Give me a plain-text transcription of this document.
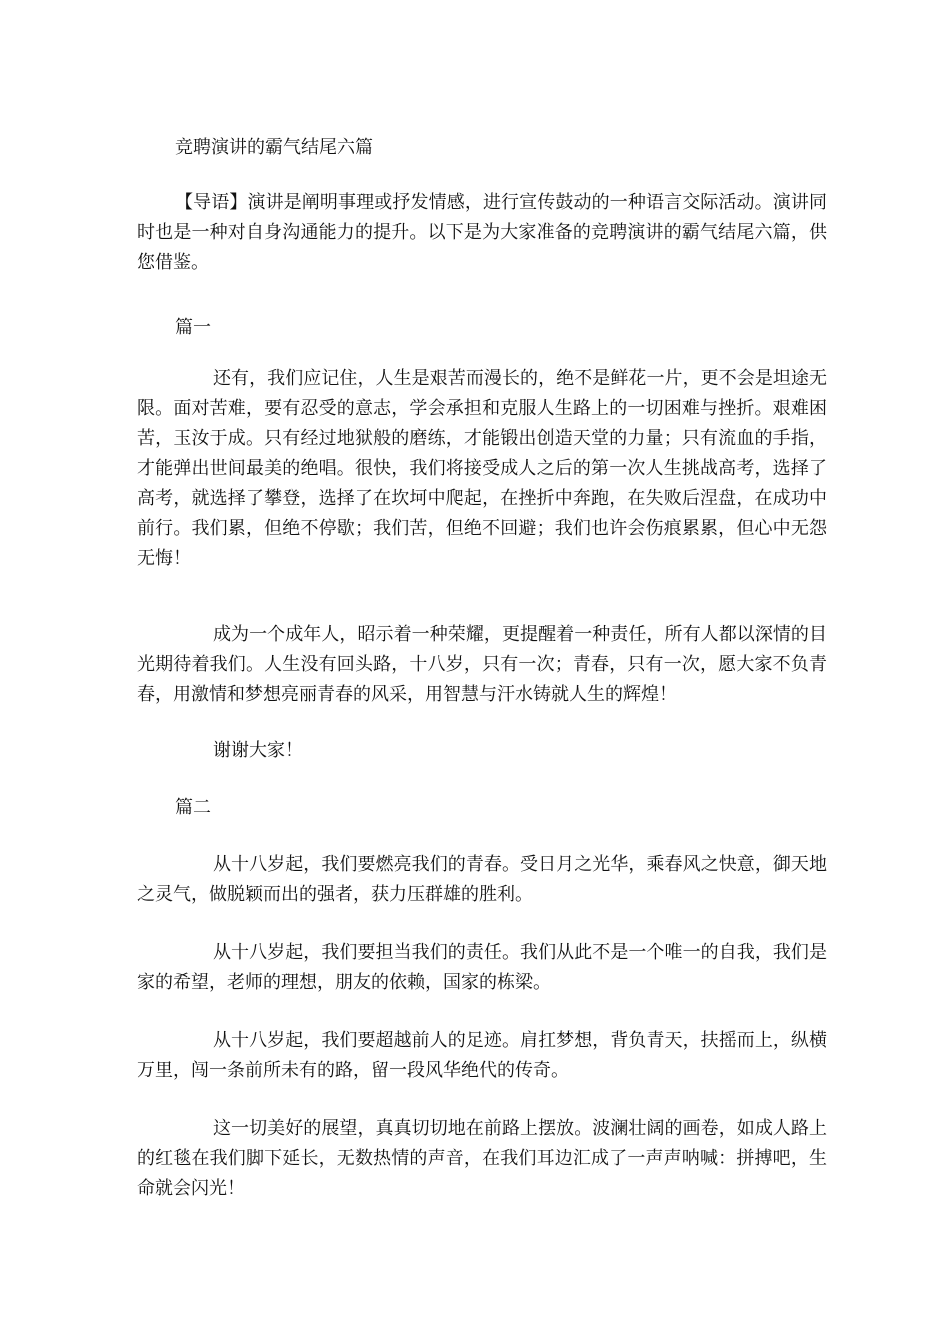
竞聘演讲的霸气结尾六篇

【导语】演讲是阐明事理或抒发情感，进行宣传鼓动的一种语言交际活动。演讲同时也是一种对自身沟通能力的提升。以下是为大家准备的竞聘演讲的霸气结尾六篇，供您借鉴。

篇一

还有，我们应记住，人生是艰苦而漫长的，绝不是鲜花一片，更不会是坦途无限。面对苦难，要有忍受的意志，学会承担和克服人生路上的一切困难与挫折。艰难困苦，玉汝于成。只有经过地狱般的磨练，才能锻出创造天堂的力量；只有流血的手指，才能弹出世间最美的绝唱。很快，我们将接受成人之后的第一次人生挑战高考，选择了高考，就选择了攀登，选择了在坎坷中爬起，在挫折中奔跑，在失败后涅盘，在成功中前行。我们累，但绝不停歇；我们苦，但绝不回避；我们也许会伤痕累累，但心中无怨无悔！

成为一个成年人，昭示着一种荣耀，更提醒着一种责任，所有人都以深情的目光期待着我们。人生没有回头路，十八岁，只有一次；青春，只有一次，愿大家不负青春，用激情和梦想亮丽青春的风采，用智慧与汗水铸就人生的辉煌！

谢谢大家！

篇二

从十八岁起，我们要燃亮我们的青春。受日月之光华，乘春风之快意，御天地之灵气，做脱颖而出的强者，获力压群雄的胜利。

从十八岁起，我们要担当我们的责任。我们从此不是一个唯一的自我，我们是家的希望，老师的理想，朋友的依赖，国家的栋梁。

从十八岁起，我们要超越前人的足迹。肩扛梦想，背负青天，扶摇而上，纵横万里，闯一条前所未有的路，留一段风华绝代的传奇。

这一切美好的展望，真真切切地在前路上摆放。波澜壮阔的画卷，如成人路上的红毯在我们脚下延长，无数热情的声音，在我们耳边汇成了一声声呐喊：拼搏吧，生命就会闪光！
